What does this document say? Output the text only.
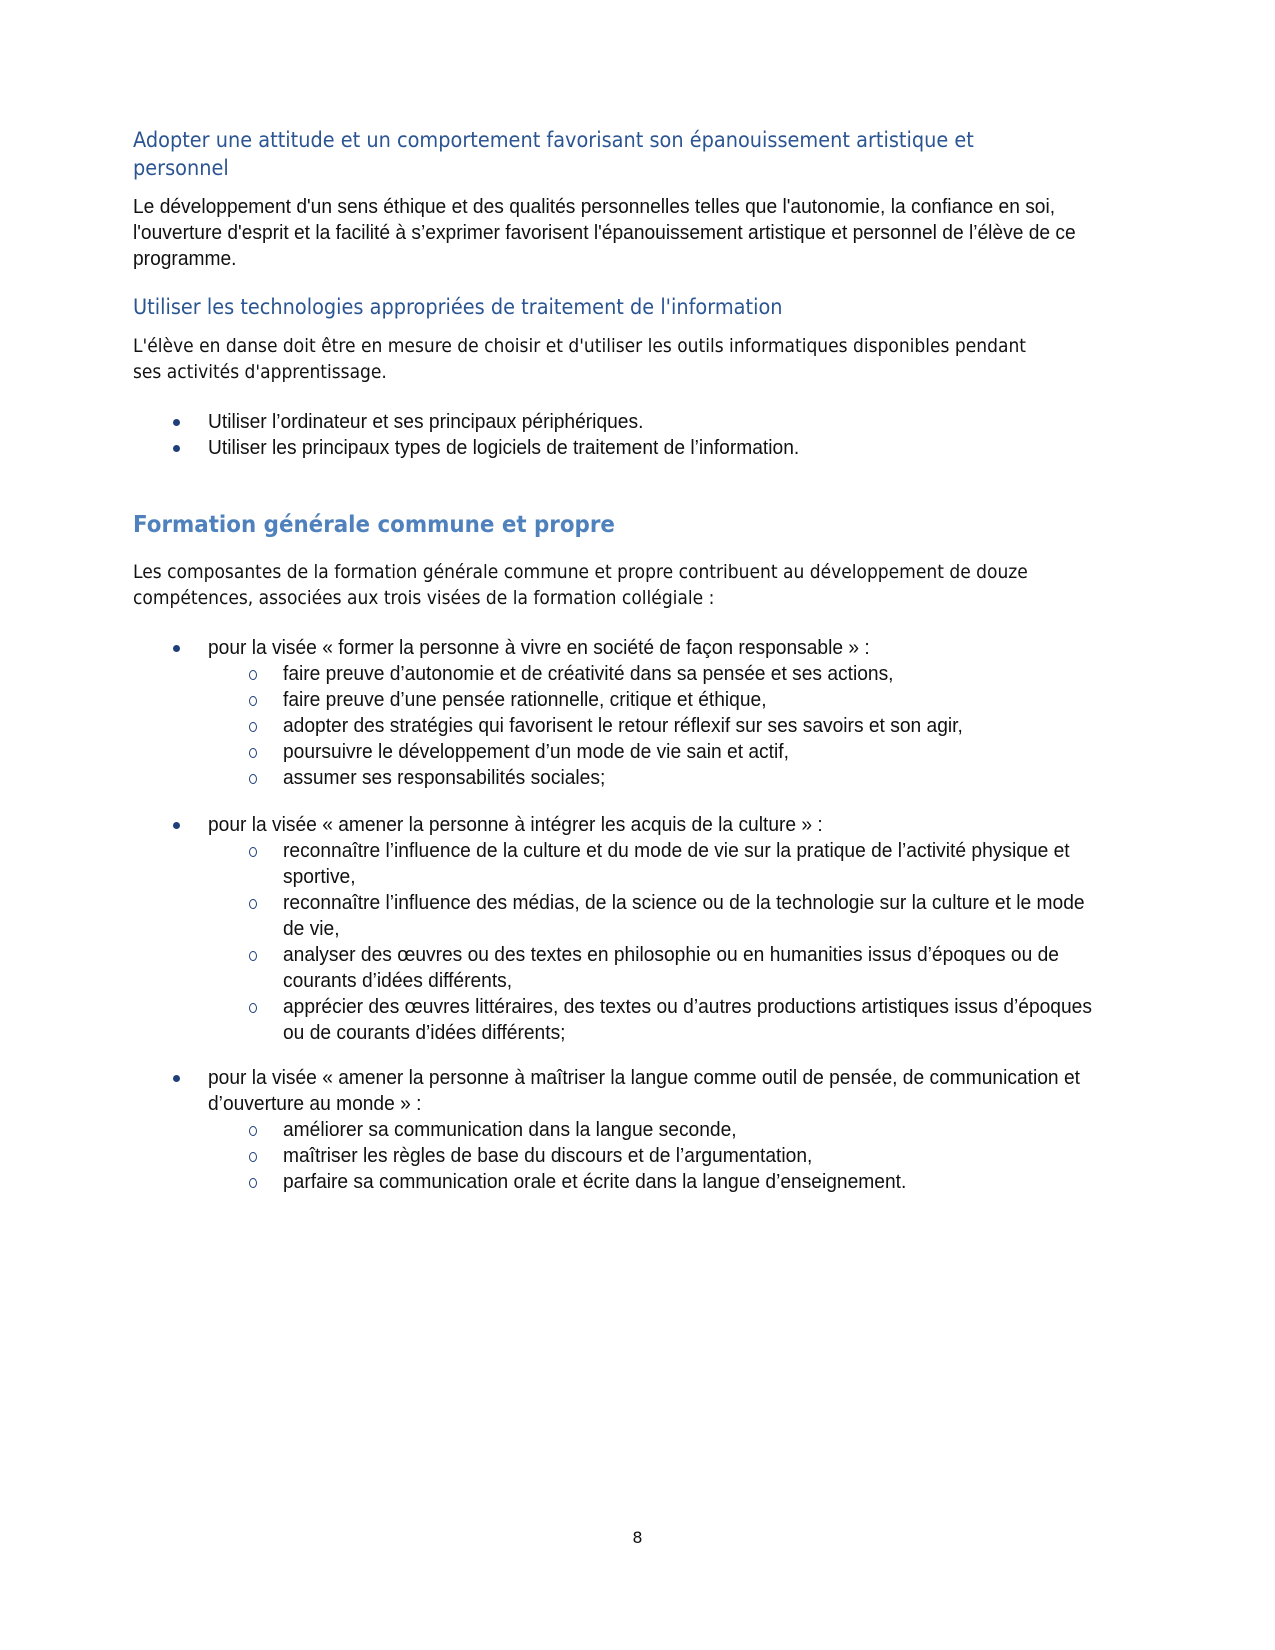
Adopter une attitude et un comportement favorisant son épanouissement artistique et personnel

Le développement d'un sens éthique et des qualités personnelles telles que l'autonomie, la confiance en soi, l'ouverture d'esprit et la facilité à s’exprimer favorisent l'épanouissement artistique et personnel de l’élève de ce programme.

Utiliser les technologies appropriées de traitement de l'information

L'élève en danse doit être en mesure de choisir et d'utiliser les outils informatiques disponibles pendant ses activités d'apprentissage.

Utiliser l’ordinateur et ses principaux périphériques.
Utiliser les principaux types de logiciels de traitement de l’information.
Formation générale commune et propre

Les composantes de la formation générale commune et propre contribuent au développement de douze compétences, associées aux trois visées de la formation collégiale :

pour la visée « former la personne à vivre en société de façon responsable » :
faire preuve d’autonomie et de créativité dans sa pensée et ses actions,
faire preuve d’une pensée rationnelle, critique et éthique,
adopter des stratégies qui favorisent le retour réflexif sur ses savoirs et son agir,
poursuivre le développement d’un mode de vie sain et actif,
assumer ses responsabilités sociales;
pour la visée « amener la personne à intégrer les acquis de la culture » :
reconnaître l’influence de la culture et du mode de vie sur la pratique de l’activité physique et sportive,
reconnaître l’influence des médias, de la science ou de la technologie sur la culture et le mode de vie,
analyser des œuvres ou des textes en philosophie ou en humanities issus d’époques ou de courants d’idées différents,
apprécier des œuvres littéraires, des textes ou d’autres productions artistiques issus d’époques ou de courants d’idées différents;
pour la visée « amener la personne à maîtriser la langue comme outil de pensée, de communication et d’ouverture au monde » :
améliorer sa communication dans la langue seconde,
maîtriser les règles de base du discours et de l’argumentation,
parfaire sa communication orale et écrite dans la langue d’enseignement.
8
